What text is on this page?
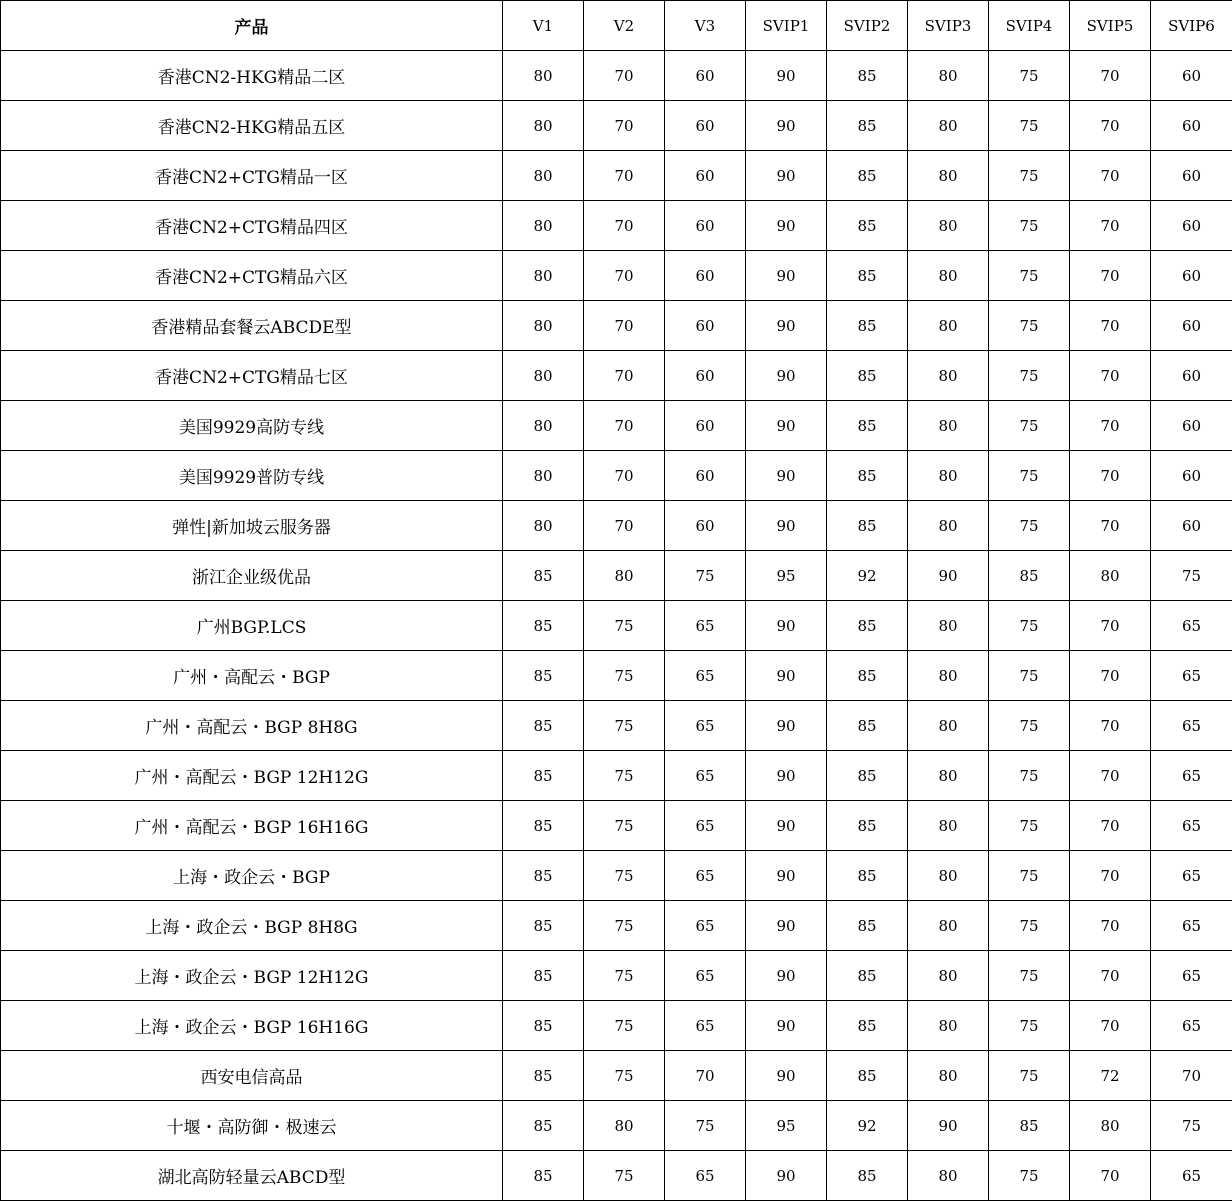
产品	V1	V2	V3	SVIP1	SVIP2	SVIP3	SVIP4	SVIP5	SVIP6
香港CN2-HKG精品二区	80	70	60	90	85	80	75	70	60
香港CN2-HKG精品五区	80	70	60	90	85	80	75	70	60
香港CN2+CTG精品一区	80	70	60	90	85	80	75	70	60
香港CN2+CTG精品四区	80	70	60	90	85	80	75	70	60
香港CN2+CTG精品六区	80	70	60	90	85	80	75	70	60
香港精品套餐云ABCDE型	80	70	60	90	85	80	75	70	60
香港CN2+CTG精品七区	80	70	60	90	85	80	75	70	60
美国9929高防专线	80	70	60	90	85	80	75	70	60
美国9929普防专线	80	70	60	90	85	80	75	70	60
弹性|新加坡云服务器	80	70	60	90	85	80	75	70	60
浙江企业级优品	85	80	75	95	92	90	85	80	75
广州BGP.LCS	85	75	65	90	85	80	75	70	65
广州・高配云・BGP	85	75	65	90	85	80	75	70	65
广州・高配云・BGP 8H8G	85	75	65	90	85	80	75	70	65
广州・高配云・BGP 12H12G	85	75	65	90	85	80	75	70	65
广州・高配云・BGP 16H16G	85	75	65	90	85	80	75	70	65
上海・政企云・BGP	85	75	65	90	85	80	75	70	65
上海・政企云・BGP 8H8G	85	75	65	90	85	80	75	70	65
上海・政企云・BGP 12H12G	85	75	65	90	85	80	75	70	65
上海・政企云・BGP 16H16G	85	75	65	90	85	80	75	70	65
西安电信高品	85	75	70	90	85	80	75	72	70
十堰・高防御・极速云	85	80	75	95	92	90	85	80	75
湖北高防轻量云ABCD型	85	75	65	90	85	80	75	70	65
